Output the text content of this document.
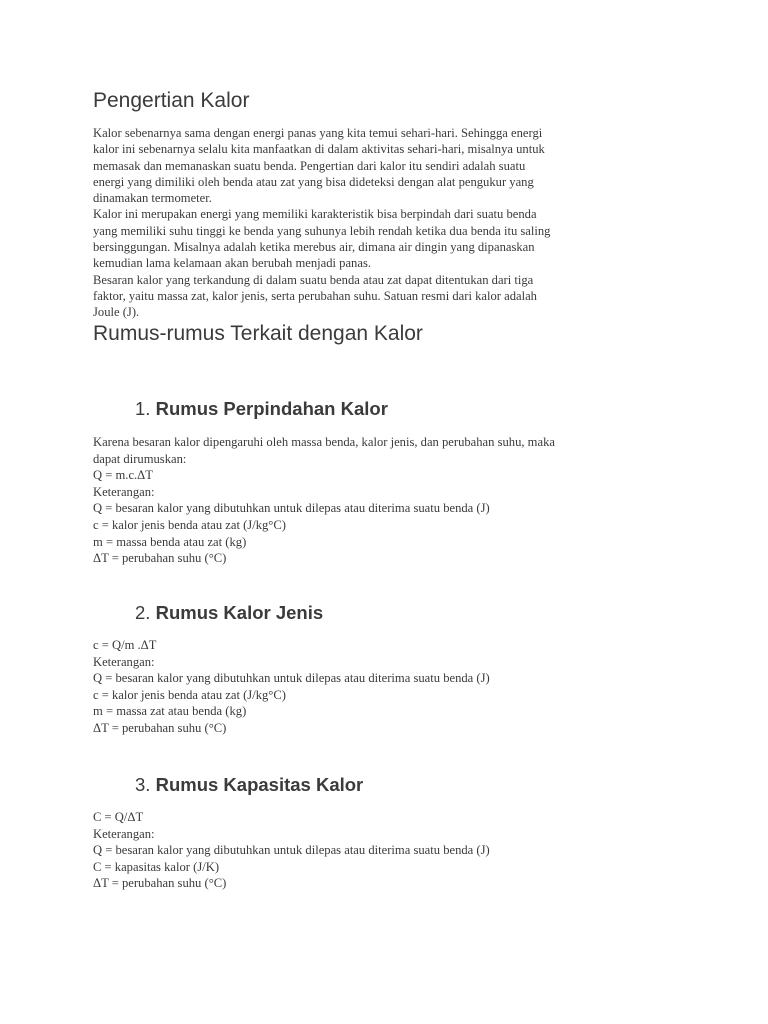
Pengertian Kalor

Kalor sebenarnya sama dengan energi panas yang kita temui sehari-hari. Sehingga energi

kalor ini sebenarnya selalu kita manfaatkan di dalam aktivitas sehari-hari, misalnya untuk

memasak dan memanaskan suatu benda. Pengertian dari kalor itu sendiri adalah suatu

energi yang dimiliki oleh benda atau zat yang bisa dideteksi dengan alat pengukur yang

dinamakan termometer.

Kalor ini merupakan energi yang memiliki karakteristik bisa berpindah dari suatu benda

yang memiliki suhu tinggi ke benda yang suhunya lebih rendah ketika dua benda itu saling

bersinggungan. Misalnya adalah ketika merebus air, dimana air dingin yang dipanaskan

kemudian lama kelamaan akan berubah menjadi panas.

Besaran kalor yang terkandung di dalam suatu benda atau zat dapat ditentukan dari tiga

faktor, yaitu massa zat, kalor jenis, serta perubahan suhu. Satuan resmi dari kalor adalah

Joule (J).

Rumus-rumus Terkait dengan Kalor
1. Rumus Perpindahan Kalor

Karena besaran kalor dipengaruhi oleh massa benda, kalor jenis, dan perubahan suhu, maka

dapat dirumuskan:

Q = m.c.ΔT

Keterangan:

Q = besaran kalor yang dibutuhkan untuk dilepas atau diterima suatu benda (J)

c = kalor jenis benda atau zat (J/kg°C)

m = massa benda atau zat (kg)

ΔT = perubahan suhu (°C)

2. Rumus Kalor Jenis

c = Q/m .ΔT

Keterangan:

Q = besaran kalor yang dibutuhkan untuk dilepas atau diterima suatu benda (J)

c = kalor jenis benda atau zat (J/kg°C)

m = massa zat atau benda (kg)

ΔT = perubahan suhu (°C)

3. Rumus Kapasitas Kalor

C = Q/ΔT

Keterangan:

Q = besaran kalor yang dibutuhkan untuk dilepas atau diterima suatu benda (J)

C = kapasitas kalor (J/K)

ΔT = perubahan suhu (°C)
